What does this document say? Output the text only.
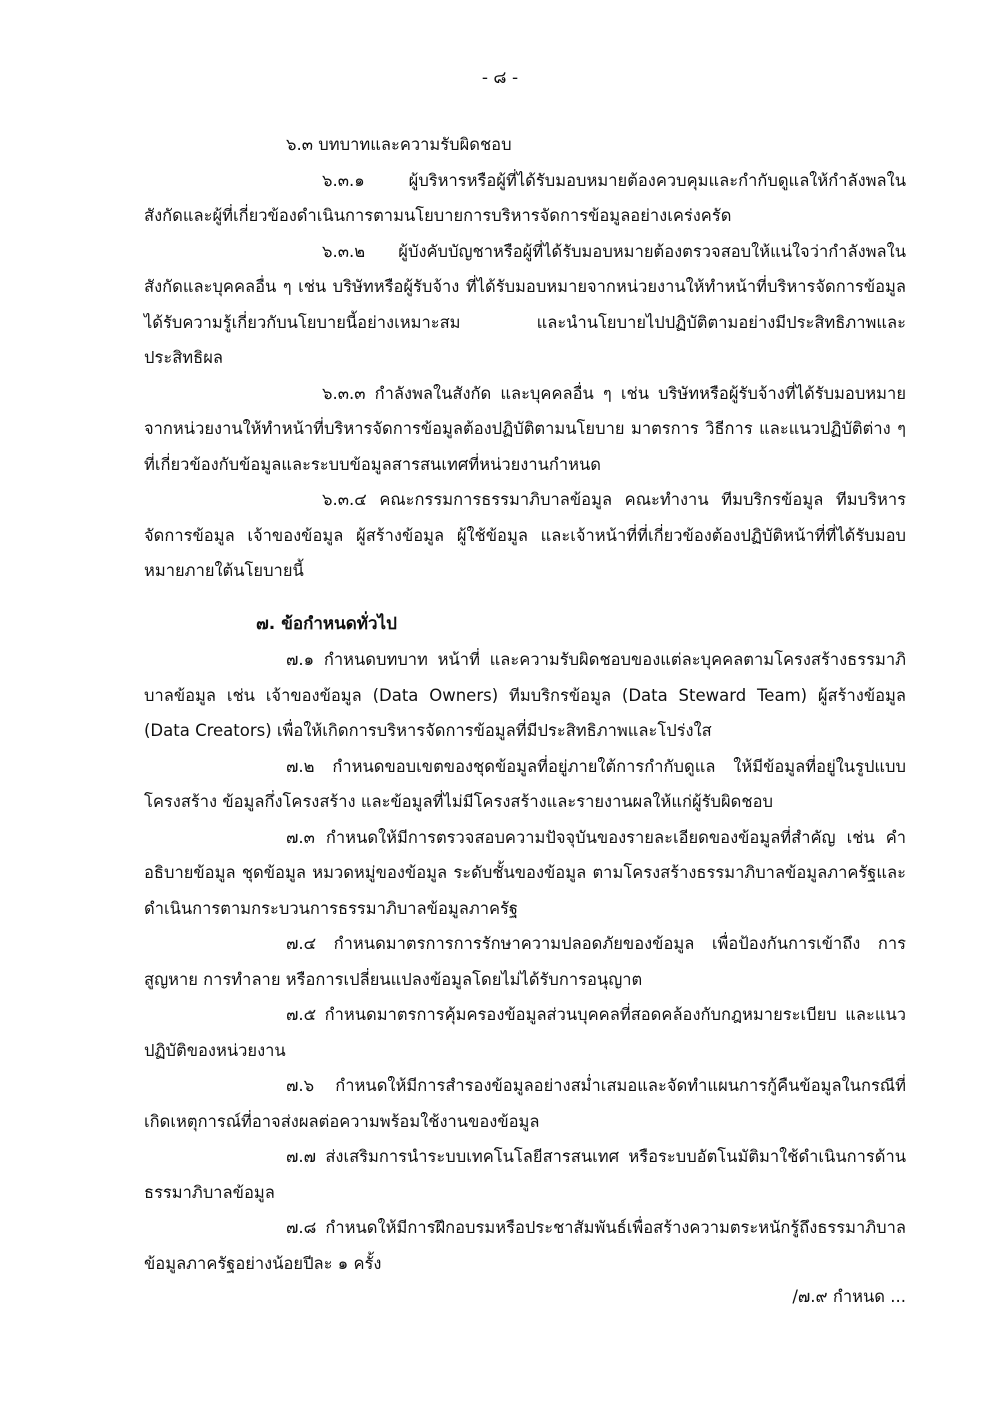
- ๘ -

๖.๓ บทบาทและความรับผิดชอบ

๖.๓.๑ ผู้บริหารหรือผู้ที่ได้รับมอบหมายต้องควบคุมและกำกับดูแลให้กำลังพลในสังกัดและผู้ที่เกี่ยวข้องดำเนินการตามนโยบายการบริหารจัดการข้อมูลอย่างเคร่งครัด

๖.๓.๒ ผู้บังคับบัญชาหรือผู้ที่ได้รับมอบหมายต้องตรวจสอบให้แน่ใจว่ากำลังพลในสังกัดและบุคคลอื่น ๆ เช่น บริษัทหรือผู้รับจ้าง ที่ได้รับมอบหมายจากหน่วยงานให้ทำหน้าที่บริหารจัดการข้อมูลได้รับความรู้เกี่ยวกับนโยบายนี้อย่างเหมาะสม และนำนโยบายไปปฏิบัติตามอย่างมีประสิทธิภาพและประสิทธิผล

๖.๓.๓ กำลังพลในสังกัด และบุคคลอื่น ๆ เช่น บริษัทหรือผู้รับจ้างที่ได้รับมอบหมายจากหน่วยงานให้ทำหน้าที่บริหารจัดการข้อมูลต้องปฏิบัติตามนโยบาย มาตรการ วิธีการ และแนวปฏิบัติต่าง ๆ ที่เกี่ยวข้องกับข้อมูลและระบบข้อมูลสารสนเทศที่หน่วยงานกำหนด

๖.๓.๔ คณะกรรมการธรรมาภิบาลข้อมูล คณะทำงาน ทีมบริกรข้อมูล ทีมบริหารจัดการข้อมูล เจ้าของข้อมูล ผู้สร้างข้อมูล ผู้ใช้ข้อมูล และเจ้าหน้าที่ที่เกี่ยวข้องต้องปฏิบัติหน้าที่ที่ได้รับมอบหมายภายใต้นโยบายนี้

๗. ข้อกำหนดทั่วไป

๗.๑ กำหนดบทบาท หน้าที่ และความรับผิดชอบของแต่ละบุคคลตามโครงสร้างธรรมาภิบาลข้อมูล เช่น เจ้าของข้อมูล (Data Owners) ทีมบริกรข้อมูล (Data Steward Team) ผู้สร้างข้อมูล (Data Creators) เพื่อให้เกิดการบริหารจัดการข้อมูลที่มีประสิทธิภาพและโปร่งใส

๗.๒ กำหนดขอบเขตของชุดข้อมูลที่อยู่ภายใต้การกำกับดูแล ให้มีข้อมูลที่อยู่ในรูปแบบโครงสร้าง ข้อมูลกึ่งโครงสร้าง และข้อมูลที่ไม่มีโครงสร้างและรายงานผลให้แก่ผู้รับผิดชอบ

๗.๓ กำหนดให้มีการตรวจสอบความปัจจุบันของรายละเอียดของข้อมูลที่สำคัญ เช่น คำอธิบายข้อมูล ชุดข้อมูล หมวดหมู่ของข้อมูล ระดับชั้นของข้อมูล ตามโครงสร้างธรรมาภิบาลข้อมูลภาครัฐและดำเนินการตามกระบวนการธรรมาภิบาลข้อมูลภาครัฐ

๗.๔ กำหนดมาตรการการรักษาความปลอดภัยของข้อมูล เพื่อป้องกันการเข้าถึง การสูญหาย การทำลาย หรือการเปลี่ยนแปลงข้อมูลโดยไม่ได้รับการอนุญาต

๗.๕ กำหนดมาตรการคุ้มครองข้อมูลส่วนบุคคลที่สอดคล้องกับกฎหมายระเบียบ และแนวปฏิบัติของหน่วยงาน

๗.๖ กำหนดให้มีการสำรองข้อมูลอย่างสม่ำเสมอและจัดทำแผนการกู้คืนข้อมูลในกรณีที่เกิดเหตุการณ์ที่อาจส่งผลต่อความพร้อมใช้งานของข้อมูล

๗.๗ ส่งเสริมการนำระบบเทคโนโลยีสารสนเทศ หรือระบบอัตโนมัติมาใช้ดำเนินการด้านธรรมาภิบาลข้อมูล

๗.๘ กำหนดให้มีการฝึกอบรมหรือประชาสัมพันธ์เพื่อสร้างความตระหนักรู้ถึงธรรมาภิบาลข้อมูลภาครัฐอย่างน้อยปีละ ๑ ครั้ง

/๗.๙ กำหนด ...
